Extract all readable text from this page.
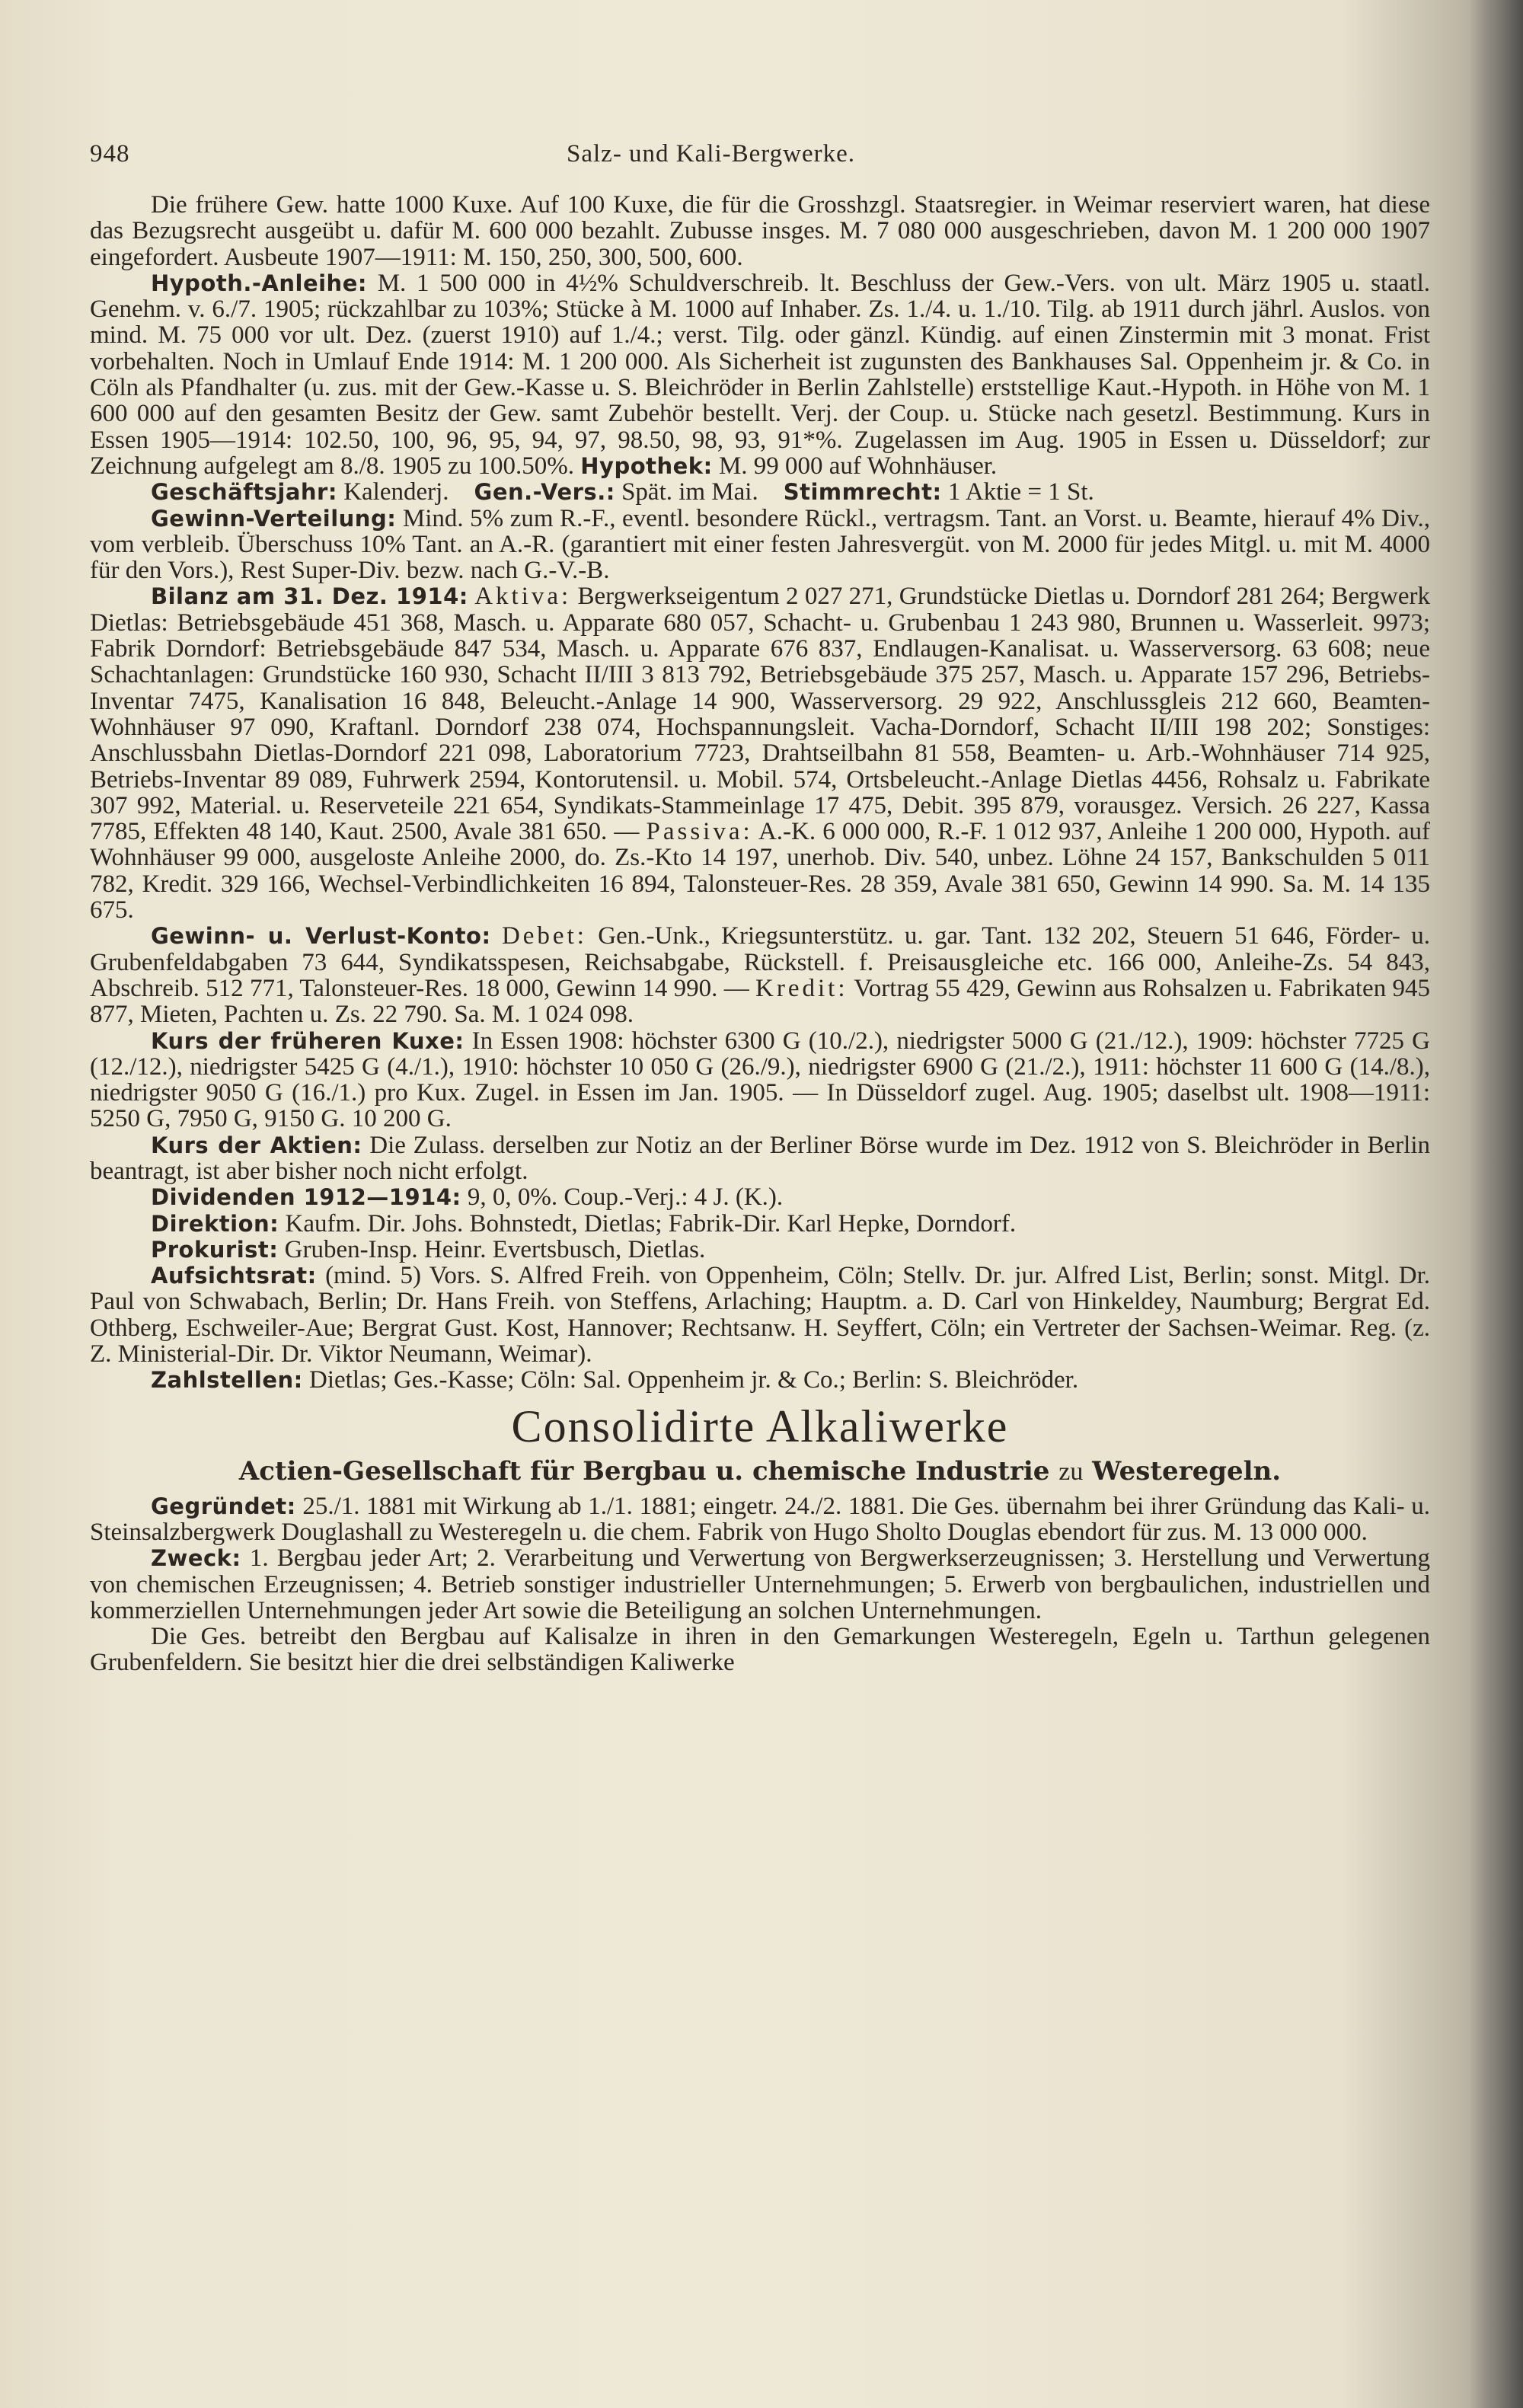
948	Salz- und Kali-Bergwerke.

Die frühere Gew. hatte 1000 Kuxe. Auf 100 Kuxe, die für die Grosshzgl. Staatsregier. in Weimar reserviert waren, hat diese das Bezugsrecht ausgeübt u. dafür M. 600 000 bezahlt. Zubusse insges. M. 7 080 000 ausgeschrieben, davon M. 1 200 000 1907 eingefordert. Ausbeute 1907—1911: M. 150, 250, 300, 500, 600.

Hypoth.-Anleihe: M. 1 500 000 in 4½% Schuldverschreib. lt. Beschluss der Gew.-Vers. von ult. März 1905 u. staatl. Genehm. v. 6./7. 1905; rückzahlbar zu 103%; Stücke à M. 1000 auf Inhaber. Zs. 1./4. u. 1./10. Tilg. ab 1911 durch jährl. Auslos. von mind. M. 75 000 vor ult. Dez. (zuerst 1910) auf 1./4.; verst. Tilg. oder gänzl. Kündig. auf einen Zinstermin mit 3 monat. Frist vorbehalten. Noch in Umlauf Ende 1914: M. 1 200 000. Als Sicherheit ist zugunsten des Bankhauses Sal. Oppenheim jr. & Co. in Cöln als Pfandhalter (u. zus. mit der Gew.-Kasse u. S. Bleichröder in Berlin Zahlstelle) erststellige Kaut.-Hypoth. in Höhe von M. 1 600 000 auf den gesamten Besitz der Gew. samt Zubehör bestellt. Verj. der Coup. u. Stücke nach gesetzl. Bestimmung. Kurs in Essen 1905—1914: 102.50, 100, 96, 95, 94, 97, 98.50, 98, 93, 91*%. Zugelassen im Aug. 1905 in Essen u. Düsseldorf; zur Zeichnung aufgelegt am 8./8. 1905 zu 100.50%. Hypothek: M. 99 000 auf Wohnhäuser.

Geschäftsjahr: Kalenderj. Gen.-Vers.: Spät. im Mai. Stimmrecht: 1 Aktie = 1 St.

Gewinn-Verteilung: Mind. 5% zum R.-F., eventl. besondere Rückl., vertragsm. Tant. an Vorst. u. Beamte, hierauf 4% Div., vom verbleib. Überschuss 10% Tant. an A.-R. (garantiert mit einer festen Jahresvergüt. von M. 2000 für jedes Mitgl. u. mit M. 4000 für den Vors.), Rest Super-Div. bezw. nach G.-V.-B.

Bilanz am 31. Dez. 1914: Aktiva: Bergwerkseigentum 2 027 271, Grundstücke Dietlas u. Dorndorf 281 264; Bergwerk Dietlas: Betriebsgebäude 451 368, Masch. u. Apparate 680 057, Schacht- u. Grubenbau 1 243 980, Brunnen u. Wasserleit. 9973; Fabrik Dorndorf: Betriebsgebäude 847 534, Masch. u. Apparate 676 837, Endlaugen-Kanalisat. u. Wasserversorg. 63 608; neue Schachtanlagen: Grundstücke 160 930, Schacht II/III 3 813 792, Betriebsgebäude 375 257, Masch. u. Apparate 157 296, Betriebs-Inventar 7475, Kanalisation 16 848, Beleucht.-Anlage 14 900, Wasserversorg. 29 922, Anschlussgleis 212 660, Beamten-Wohnhäuser 97 090, Kraftanl. Dorndorf 238 074, Hochspannungsleit. Vacha-Dorndorf, Schacht II/III 198 202; Sonstiges: Anschlussbahn Dietlas-Dorndorf 221 098, Laboratorium 7723, Drahtseilbahn 81 558, Beamten- u. Arb.-Wohnhäuser 714 925, Betriebs-Inventar 89 089, Fuhrwerk 2594, Kontorutensil. u. Mobil. 574, Ortsbeleucht.-Anlage Dietlas 4456, Rohsalz u. Fabrikate 307 992, Material. u. Reserveteile 221 654, Syndikats-Stammeinlage 17 475, Debit. 395 879, vorausgez. Versich. 26 227, Kassa 7785, Effekten 48 140, Kaut. 2500, Avale 381 650. — Passiva: A.-K. 6 000 000, R.-F. 1 012 937, Anleihe 1 200 000, Hypoth. auf Wohnhäuser 99 000, ausgeloste Anleihe 2000, do. Zs.-Kto 14 197, unerhob. Div. 540, unbez. Löhne 24 157, Bankschulden 5 011 782, Kredit. 329 166, Wechsel-Verbindlichkeiten 16 894, Talonsteuer-Res. 28 359, Avale 381 650, Gewinn 14 990. Sa. M. 14 135 675.

Gewinn- u. Verlust-Konto: Debet: Gen.-Unk., Kriegsunterstütz. u. gar. Tant. 132 202, Steuern 51 646, Förder- u. Grubenfeldabgaben 73 644, Syndikatsspesen, Reichsabgabe, Rückstell. f. Preisausgleiche etc. 166 000, Anleihe-Zs. 54 843, Abschreib. 512 771, Talonsteuer-Res. 18 000, Gewinn 14 990. — Kredit: Vortrag 55 429, Gewinn aus Rohsalzen u. Fabrikaten 945 877, Mieten, Pachten u. Zs. 22 790. Sa. M. 1 024 098.

Kurs der früheren Kuxe: In Essen 1908: höchster 6300 G (10./2.), niedrigster 5000 G (21./12.), 1909: höchster 7725 G (12./12.), niedrigster 5425 G (4./1.), 1910: höchster 10 050 G (26./9.), niedrigster 6900 G (21./2.), 1911: höchster 11 600 G (14./8.), niedrigster 9050 G (16./1.) pro Kux. Zugel. in Essen im Jan. 1905. — In Düsseldorf zugel. Aug. 1905; daselbst ult. 1908—1911: 5250 G, 7950 G, 9150 G. 10 200 G.

Kurs der Aktien: Die Zulass. derselben zur Notiz an der Berliner Börse wurde im Dez. 1912 von S. Bleichröder in Berlin beantragt, ist aber bisher noch nicht erfolgt.

Dividenden 1912—1914: 9, 0, 0%. Coup.-Verj.: 4 J. (K.).

Direktion: Kaufm. Dir. Johs. Bohnstedt, Dietlas; Fabrik-Dir. Karl Hepke, Dorndorf.

Prokurist: Gruben-Insp. Heinr. Evertsbusch, Dietlas.

Aufsichtsrat: (mind. 5) Vors. S. Alfred Freih. von Oppenheim, Cöln; Stellv. Dr. jur. Alfred List, Berlin; sonst. Mitgl. Dr. Paul von Schwabach, Berlin; Dr. Hans Freih. von Steffens, Arlaching; Hauptm. a. D. Carl von Hinkeldey, Naumburg; Bergrat Ed. Othberg, Eschweiler-Aue; Bergrat Gust. Kost, Hannover; Rechtsanw. H. Seyffert, Cöln; ein Vertreter der Sachsen-Weimar. Reg. (z. Z. Ministerial-Dir. Dr. Viktor Neumann, Weimar).

Zahlstellen: Dietlas; Ges.-Kasse; Cöln: Sal. Oppenheim jr. & Co.; Berlin: S. Bleichröder.

Consolidirte Alkaliwerke
Actien-Gesellschaft für Bergbau u. chemische Industrie zu Westeregeln.

Gegründet: 25./1. 1881 mit Wirkung ab 1./1. 1881; eingetr. 24./2. 1881. Die Ges. übernahm bei ihrer Gründung das Kali- u. Steinsalzbergwerk Douglashall zu Westeregeln u. die chem. Fabrik von Hugo Sholto Douglas ebendort für zus. M. 13 000 000.

Zweck: 1. Bergbau jeder Art; 2. Verarbeitung und Verwertung von Bergwerkserzeugnissen; 3. Herstellung und Verwertung von chemischen Erzeugnissen; 4. Betrieb sonstiger industrieller Unternehmungen; 5. Erwerb von bergbaulichen, industriellen und kommerziellen Unternehmungen jeder Art sowie die Beteiligung an solchen Unternehmungen.

Die Ges. betreibt den Bergbau auf Kalisalze in ihren in den Gemarkungen Westeregeln, Egeln u. Tarthun gelegenen Grubenfeldern. Sie besitzt hier die drei selbständigen Kaliwerke
